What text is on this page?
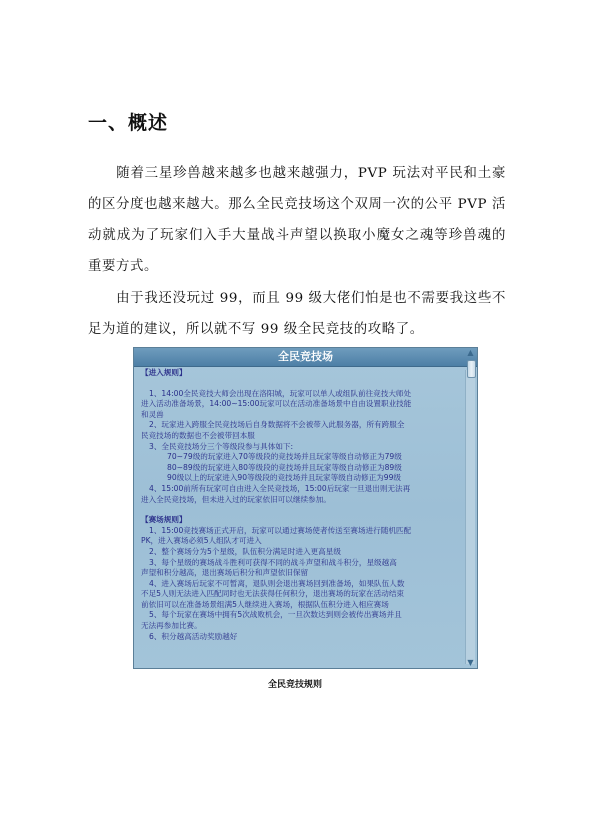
一、概述
随着三星珍兽越来越多也越来越强力，PVP 玩法对平民和土豪的区分度也越来越大。那么全民竞技场这个双周一次的公平 PVP 活动就成为了玩家们入手大量战斗声望以换取小魔女之魂等珍兽魂的重要方式。
由于我还没玩过 99，而且 99 级大佬们怕是也不需要我这些不足为道的建议，所以就不写 99 级全民竞技的攻略了。
全民竞技场
【进入规则】
1、14:00全民竞技大师会出现在洛阳城，玩家可以单人或组队前往竞技大师处
进入活动准备场景，14:00~15:00玩家可以在活动准备场景中自由设置职业技能
和灵兽
2、玩家进入跨服全民竞技场后自身数据将不会被带入此服务器，所有跨服全
民竞技场的数据也不会被带回本服
3、全民竞技场分三个等级段参与具体如下:
70~79级的玩家进入70等级段的竞技场并且玩家等级自动修正为79级
80~89级的玩家进入80等级段的竞技场并且玩家等级自动修正为89级
90级以上的玩家进入90等级段的竞技场并且玩家等级自动修正为99级
4、15:00前所有玩家可自由进入全民竞技场，15:00后玩家一旦退出则无法再
进入全民竞技场，但未进入过的玩家依旧可以继续参加。
【赛场规则】
1、15:00竞技赛场正式开启，玩家可以通过赛场使者传送至赛场进行随机匹配
PK，进入赛场必须5人组队才可进入
2、整个赛场分为5个星级，队伍积分满足时进入更高星级
3、每个星级的赛场战斗胜利可获得不同的战斗声望和战斗积分，星级越高
声望和积分越高，退出赛场后积分和声望依旧保留
4、进入赛场后玩家不可暂离，退队则会退出赛场回到准备场，如果队伍人数
不足5人则无法进入匹配同时也无法获得任何积分，退出赛场的玩家在活动结束
前依旧可以在准备场景组满5人继续进入赛场，根据队伍积分进入相应赛场
5、每个玩家在赛场中拥有5次战败机会，一旦次数达到则会被传出赛场并且
无法再参加比赛。
6、积分越高活动奖励越好
▲
▼
全民竞技规则
